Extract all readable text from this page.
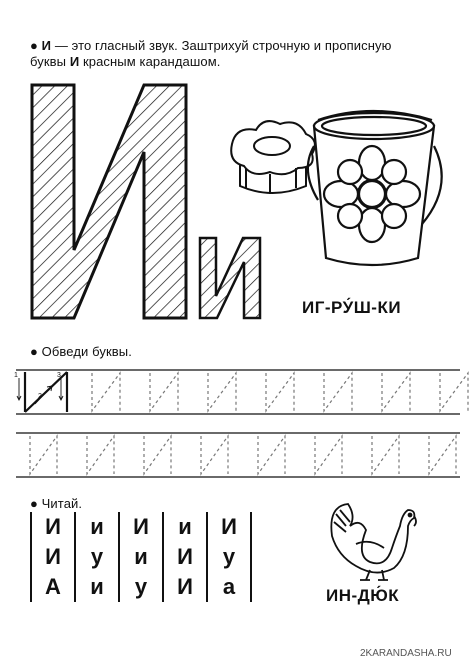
● И — это гласный звук. Заштрихуй строчную и прописную
буквы И красным карандашом.
ИГ-РУ́Ш-КИ
● Обведи буквы.
1
2
3
● Читай.
И	и	И	и	И
И	у	и	И	у
А	и	у	И	а	ИН-ДЮ́К
2KARANDASHA.RU
